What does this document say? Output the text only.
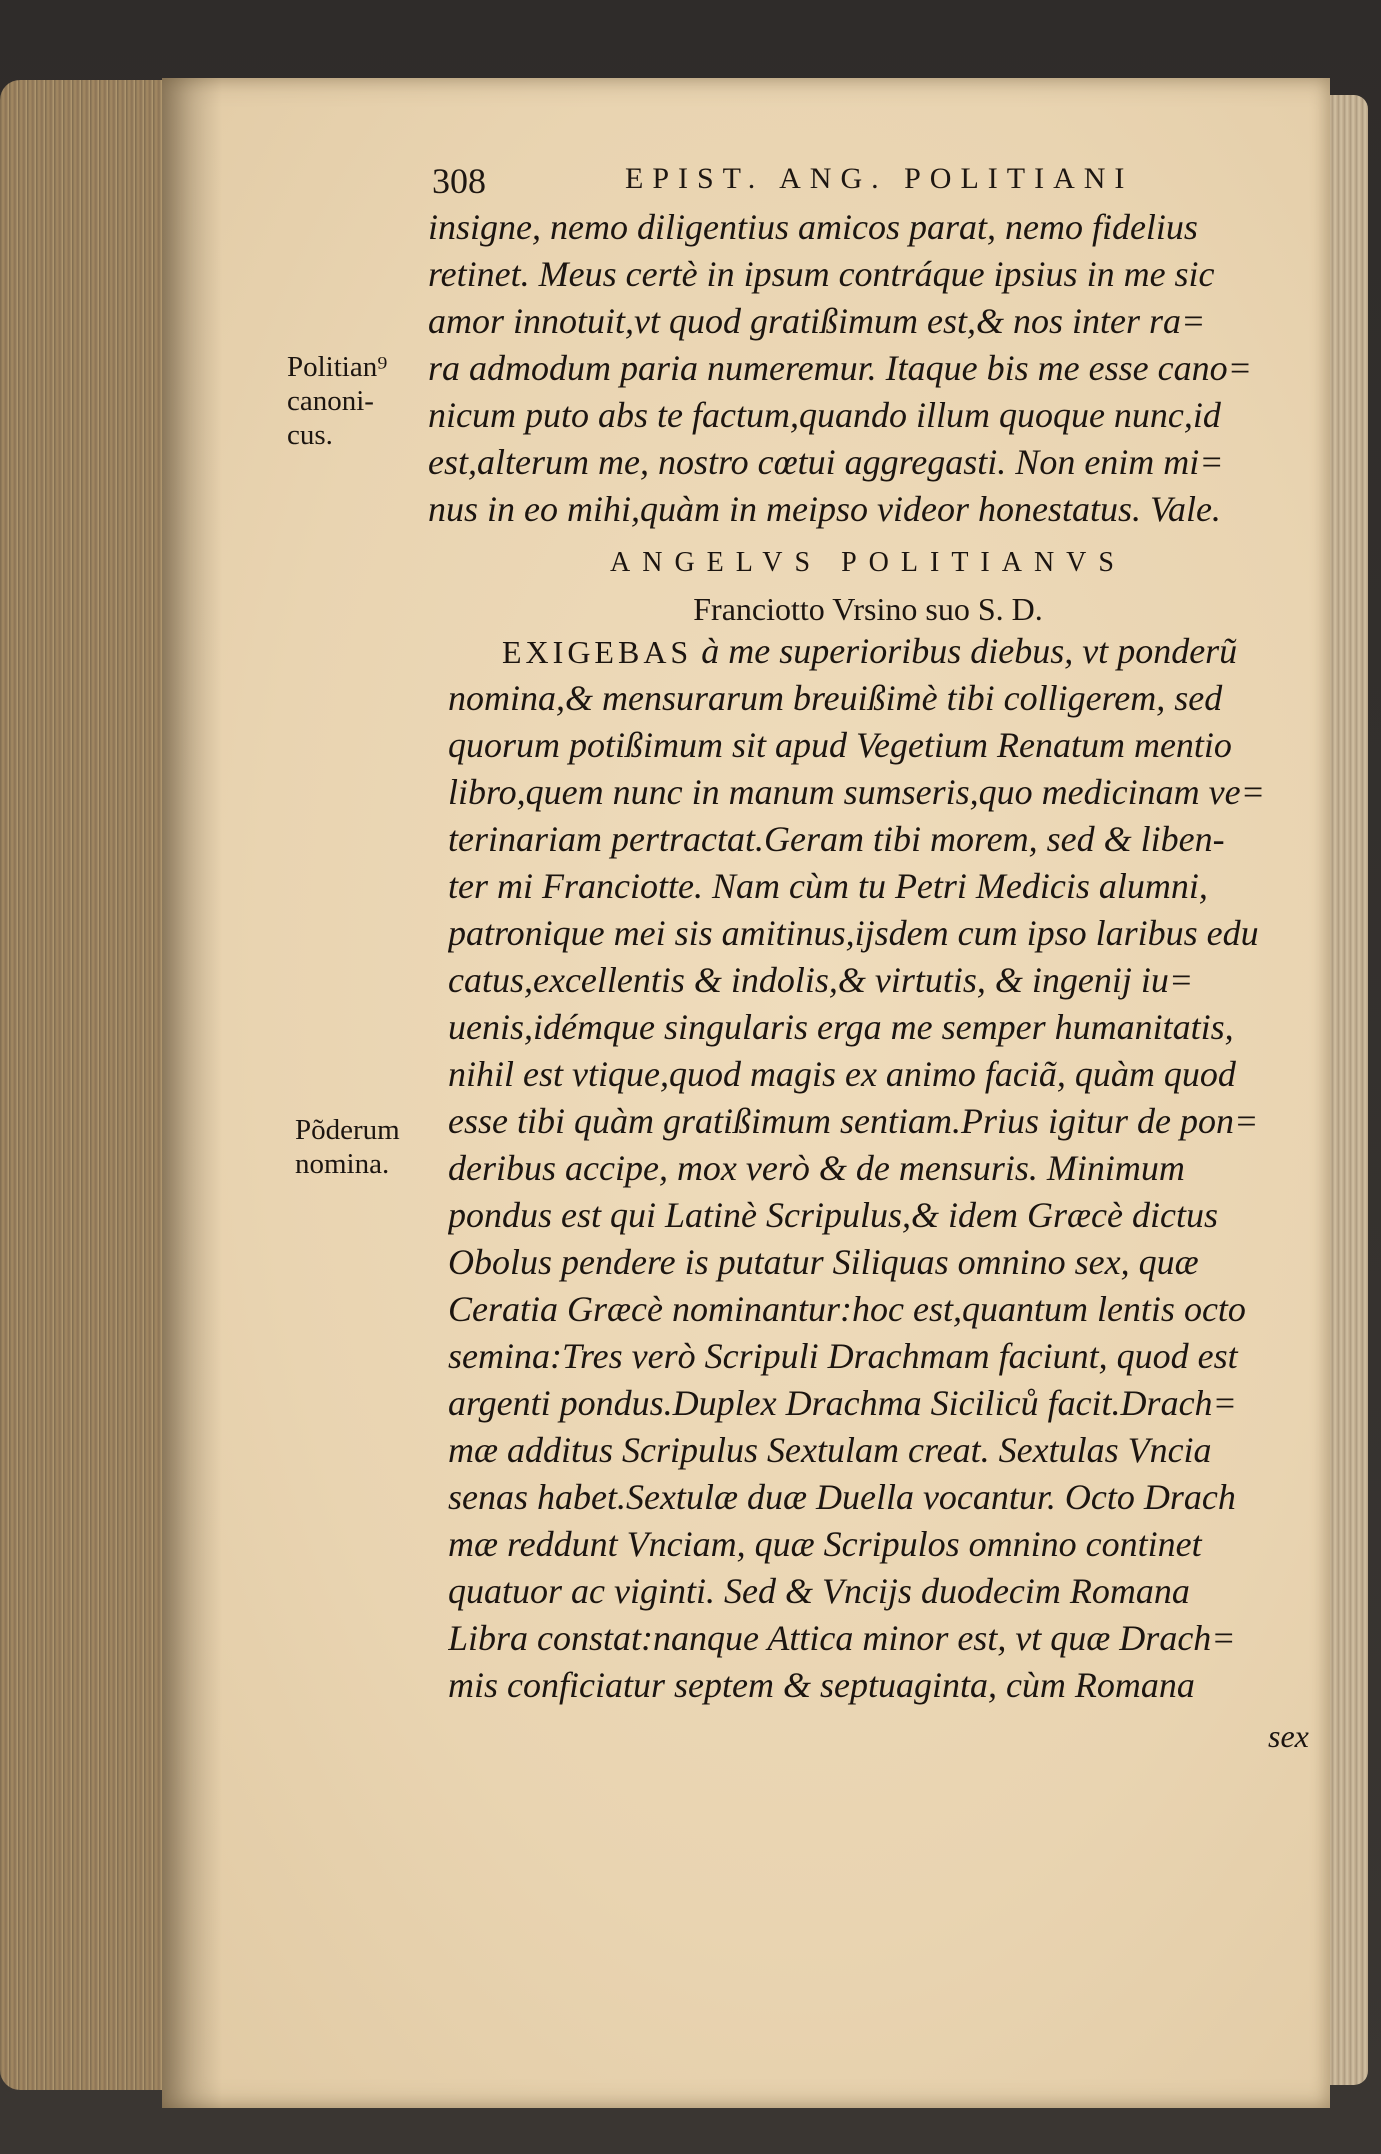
308	EPIST. ANG. POLITIANI
insigne, nemo diligentius amicos parat, nemo fidelius
retinet. Meus certè in ipsum contráque ipsius in me sic
amor innotuit,vt quod gratißimum est,& nos inter ra=
ra admodum paria numeremur. Itaque bis me esse cano=
nicum puto abs te factum,quando illum quoque nunc,id
est,alterum me, nostro cœtui aggregasti. Non enim mi=
nus in eo mihi,quàm in meipso videor honestatus. Vale.
ANGELVS POLITIANVS
Franciotto Vrsino suo S. D.
EXIGEBAS à me superioribus diebus, vt ponderũ
nomina,& mensurarum breuißimè tibi colligerem, sed
quorum potißimum sit apud Vegetium Renatum mentio
libro,quem nunc in manum sumseris,quo medicinam ve=
terinariam pertractat.Geram tibi morem, sed & liben-
ter mi Franciotte. Nam cùm tu Petri Medicis alumni,
patronique mei sis amitinus,ijsdem cum ipso laribus edu
catus,excellentis & indolis,& virtutis, & ingenij iu=
uenis,idémque singularis erga me semper humanitatis,
nihil est vtique,quod magis ex animo faciã, quàm quod
esse tibi quàm gratißimum sentiam.Prius igitur de pon=
deribus accipe, mox verò & de mensuris. Minimum
pondus est qui Latinè Scripulus,& idem Græcè dictus
Obolus pendere is putatur Siliquas omnino sex, quæ
Ceratia Græcè nominantur:hoc est,quantum lentis octo
semina:Tres verò Scripuli Drachmam faciunt, quod est
argenti pondus.Duplex Drachma Siciliců facit.Drach=
mæ additus Scripulus Sextulam creat. Sextulas Vncia
senas habet.Sextulæ duæ Duella vocantur. Octo Drach
mæ reddunt Vnciam, quæ Scripulos omnino continet
quatuor ac viginti. Sed & Vncijs duodecim Romana
Libra constat:nanque Attica minor est, vt quæ Drach=
mis conficiatur septem & septuaginta, cùm Romana
sex
Politian⁹
canoni-
cus.
Põderum
nomina.
